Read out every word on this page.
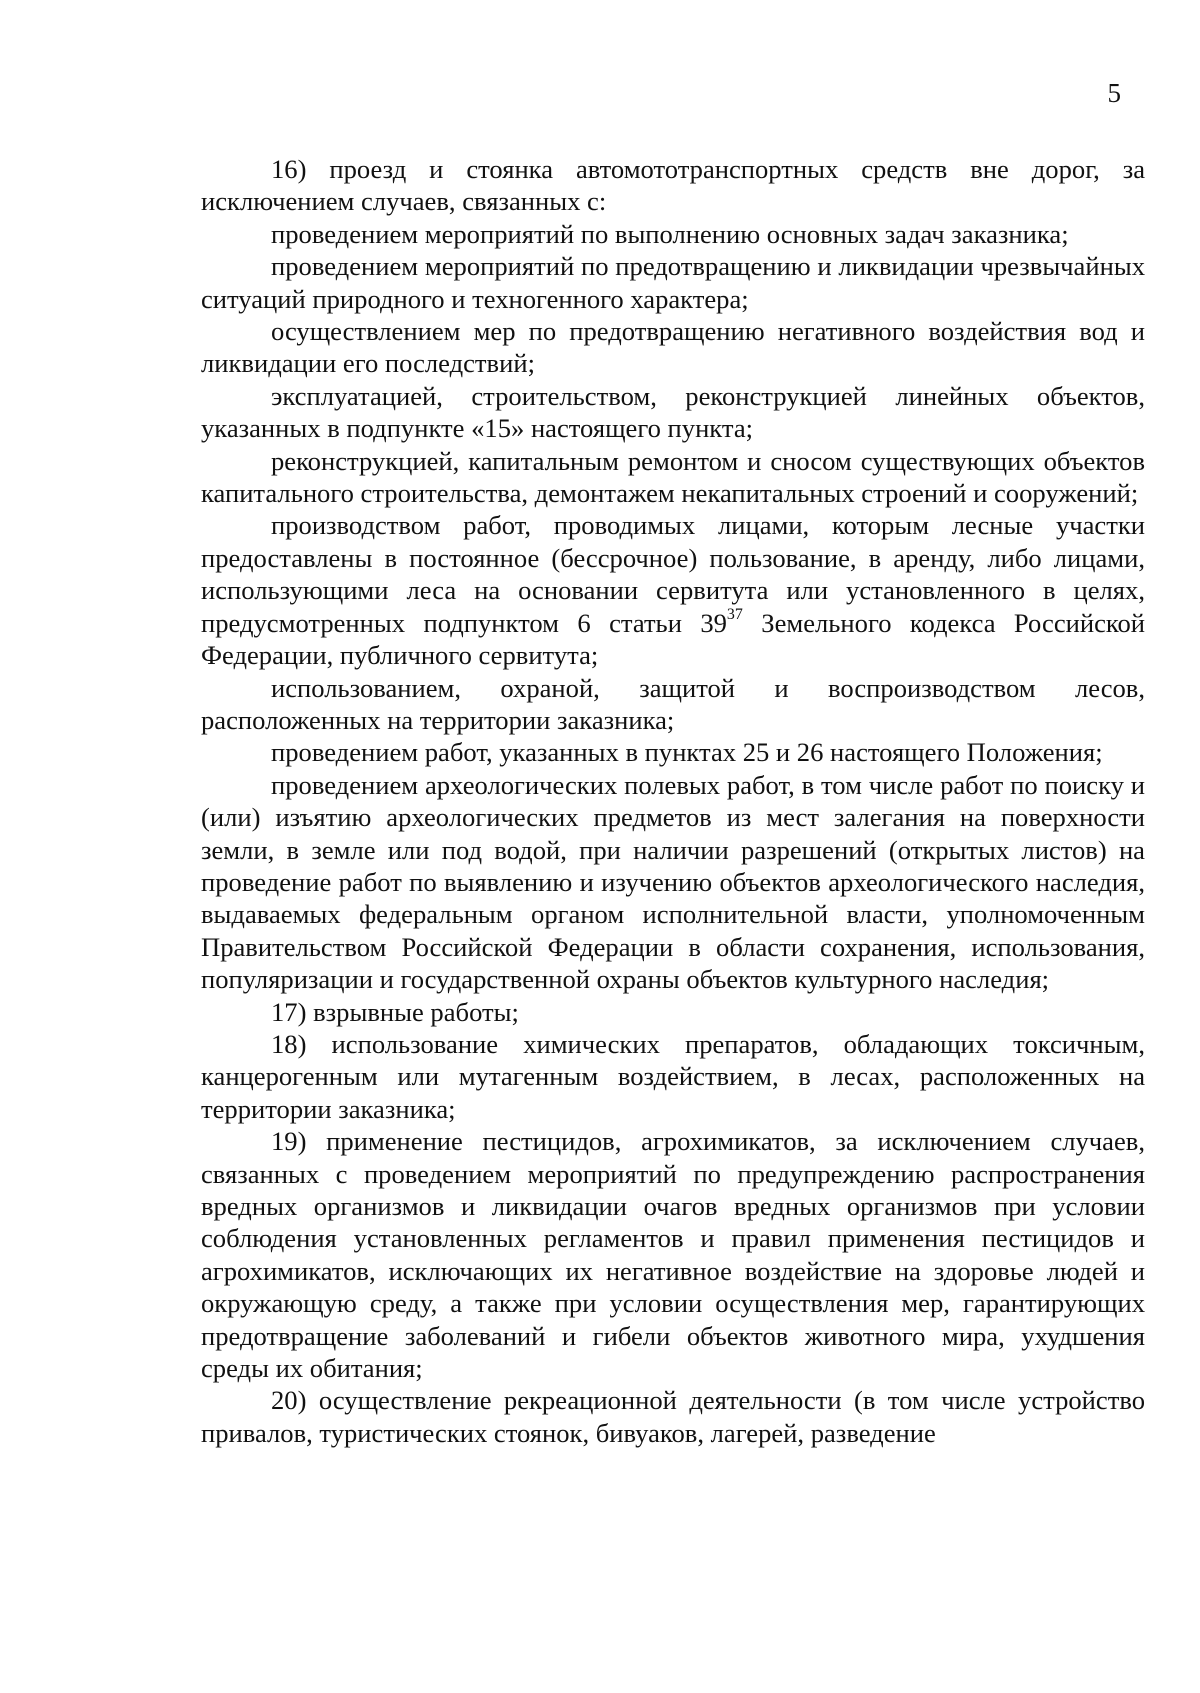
5

16) проезд и стоянка автомототранспортных средств вне дорог, за исключением случаев, связанных с:

проведением мероприятий по выполнению основных задач заказника;

проведением мероприятий по предотвращению и ликвидации чрезвычайных ситуаций природного и техногенного характера;

осуществлением мер по предотвращению негативного воздействия вод и ликвидации его последствий;

эксплуатацией, строительством, реконструкцией линейных объектов, указанных в подпункте «15» настоящего пункта;

реконструкцией, капитальным ремонтом и сносом существующих объектов капитального строительства, демонтажем некапитальных строений и сооружений;

производством работ, проводимых лицами, которым лесные участки предоставлены в постоянное (бессрочное) пользование, в аренду, либо лицами, использующими леса на основании сервитута или установленного в целях, предусмотренных подпунктом 6 статьи $39^{37}$ Земельного кодекса Российской Федерации, публичного сервитута;

использованием, охраной, защитой и воспроизводством лесов, расположенных на территории заказника;

проведением работ, указанных в пунктах 25 и 26 настоящего Положения;

проведением археологических полевых работ, в том числе работ по поиску и (или) изъятию археологических предметов из мест залегания на поверхности земли, в земле или под водой, при наличии разрешений (открытых листов) на проведение работ по выявлению и изучению объектов археологического наследия, выдаваемых федеральным органом исполнительной власти, уполномоченным Правительством Российской Федерации в области сохранения, использования, популяризации и государственной охраны объектов культурного наследия;

17) взрывные работы;

18) использование химических препаратов, обладающих токсичным, канцерогенным или мутагенным воздействием, в лесах, расположенных на территории заказника;

19) применение пестицидов, агрохимикатов, за исключением случаев, связанных с проведением мероприятий по предупреждению распространения вредных организмов и ликвидации очагов вредных организмов при условии соблюдения установленных регламентов и правил применения пестицидов и агрохимикатов, исключающих их негативное воздействие на здоровье людей и окружающую среду, а также при условии осуществления мер, гарантирующих предотвращение заболеваний и гибели объектов животного мира, ухудшения среды их обитания;

20) осуществление рекреационной деятельности (в том числе устройство привалов, туристических стоянок, бивуаков, лагерей, разведение
